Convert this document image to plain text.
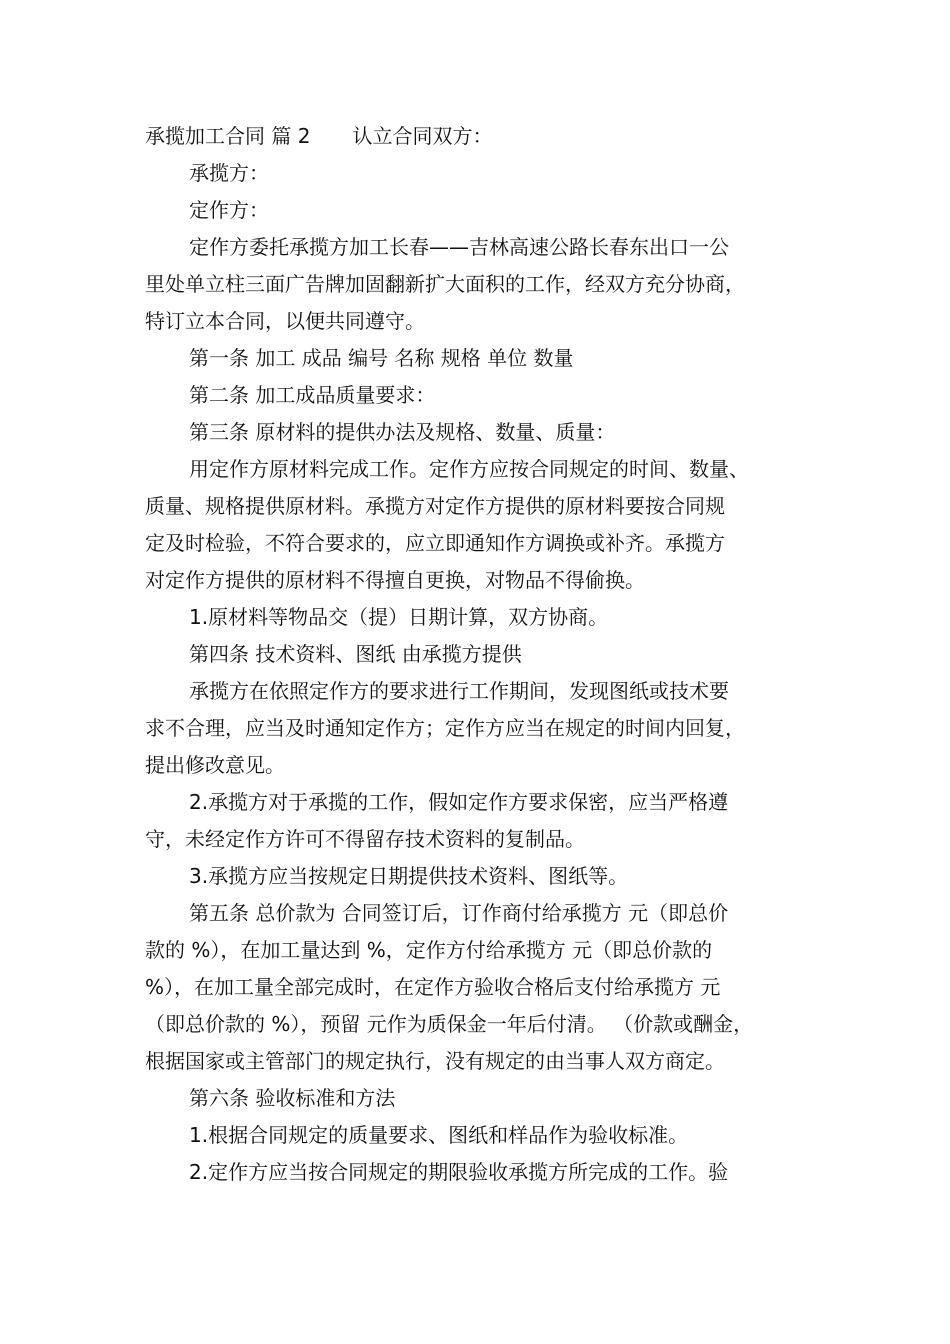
承揽加工合同 篇 2 认立合同双方：
承揽方：
定作方：
定作方委托承揽方加工长春——吉林高速公路长春东出口一公
里处单立柱三面广告牌加固翻新扩大面积的工作，经双方充分协商，
特订立本合同，以便共同遵守。
第一条 加工 成品 编号 名称 规格 单位 数量
第二条 加工成品质量要求：
第三条 原材料的提供办法及规格、数量、质量：
用定作方原材料完成工作。定作方应按合同规定的时间、数量、
质量、规格提供原材料。承揽方对定作方提供的原材料要按合同规
定及时检验，不符合要求的，应立即通知作方调换或补齐。承揽方
对定作方提供的原材料不得擅自更换，对物品不得偷换。
1.原材料等物品交（提）日期计算，双方协商。
第四条 技术资料、图纸 由承揽方提供
承揽方在依照定作方的要求进行工作期间，发现图纸或技术要
求不合理，应当及时通知定作方；定作方应当在规定的时间内回复，
提出修改意见。
2.承揽方对于承揽的工作，假如定作方要求保密，应当严格遵
守，未经定作方许可不得留存技术资料的复制品。
3.承揽方应当按规定日期提供技术资料、图纸等。
第五条 总价款为 合同签订后，订作商付给承揽方 元（即总价
款的 %），在加工量达到 %，定作方付给承揽方 元（即总价款的
%），在加工量全部完成时，在定作方验收合格后支付给承揽方 元
（即总价款的 %），预留 元作为质保金一年后付清。 （价款或酬金，
根据国家或主管部门的规定执行，没有规定的由当事人双方商定。
第六条 验收标准和方法
1.根据合同规定的质量要求、图纸和样品作为验收标准。
2.定作方应当按合同规定的期限验收承揽方所完成的工作。验
